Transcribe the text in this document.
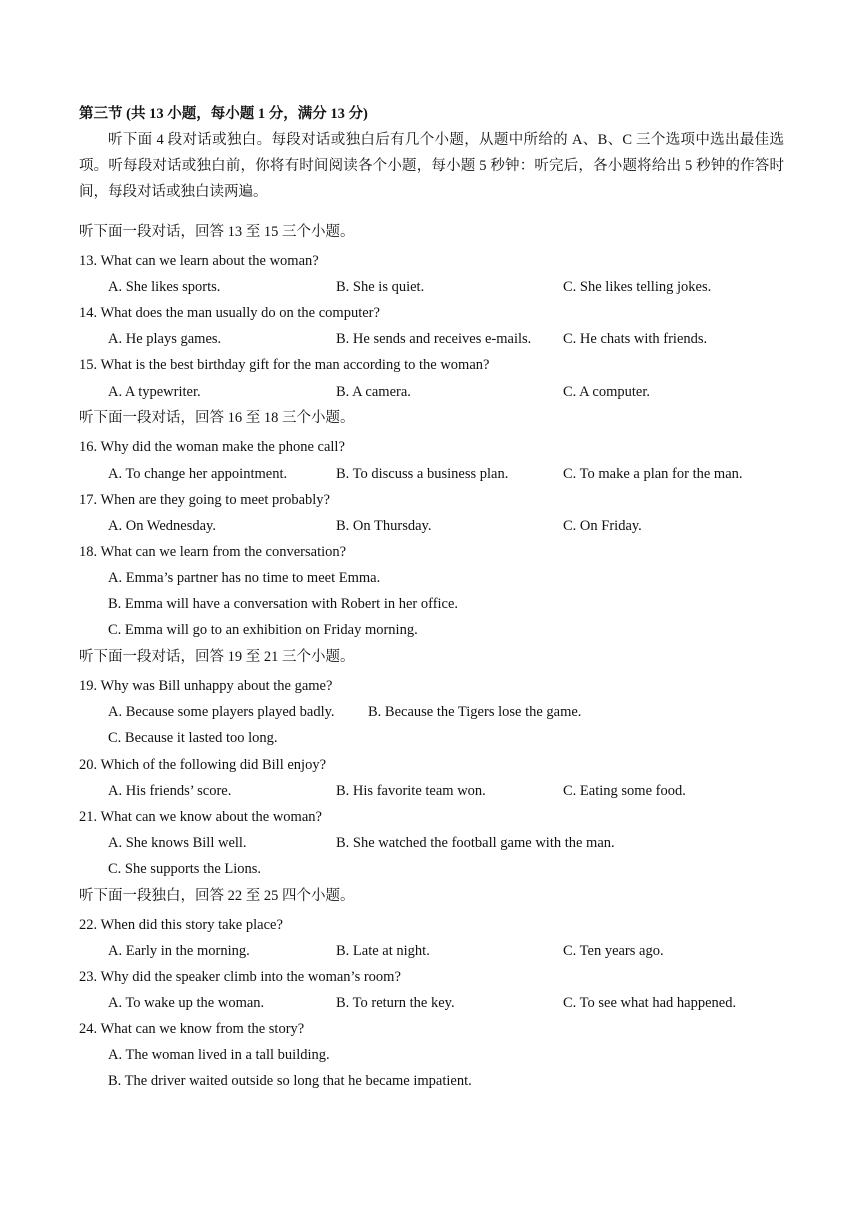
第三节 (共 13 小题，每小题 1 分，满分 13 分)
听下面 4 段对话或独白。每段对话或独白后有几个小题，从题中所给的 A、B、C 三个选项中选出最佳选项。听每段对话或独白前，你将有时间阅读各个小题，每小题 5 秒钟：听完后，各小题将给出 5 秒钟的作答时间，每段对话或独白读两遍。
听下面一段对话，回答 13 至 15 三个小题。
13. What can we learn about the woman?
A. She likes sports.	B. She is quiet.	C. She likes telling jokes.
14. What does the man usually do on the computer?
A. He plays games.	B. He sends and receives e-mails. C. He chats with friends.
15. What is the best birthday gift for the man according to the woman?
A. A typewriter.	B. A camera.	C. A computer.
听下面一段对话，回答 16 至 18 三个小题。
16. Why did the woman make the phone call?
A. To change her appointment.	B. To discuss a business plan.	C. To make a plan for the man.
17. When are they going to meet probably?
A. On Wednesday.	B. On Thursday.	C. On Friday.
18. What can we learn from the conversation?
A. Emma’s partner has no time to meet Emma.
B. Emma will have a conversation with Robert in her office.
C. Emma will go to an exhibition on Friday morning.
听下面一段对话，回答 19 至 21 三个小题。
19. Why was Bill unhappy about the game?
A. Because some players played badly. B. Because the Tigers lose the game.
C. Because it lasted too long.
20. Which of the following did Bill enjoy?
A. His friends’ score.	B. His favorite team won.	C. Eating some food.
21. What can we know about the woman?
A. She knows Bill well.	B. She watched the football game with the man.
C. She supports the Lions.
听下面一段独白，回答 22 至 25 四个小题。
22. When did this story take place?
A. Early in the morning.	B. Late at night.	C. Ten years ago.
23. Why did the speaker climb into the woman’s room?
A. To wake up the woman.	B. To return the key.	C. To see what had happened.
24. What can we know from the story?
A. The woman lived in a tall building.
B. The driver waited outside so long that he became impatient.
